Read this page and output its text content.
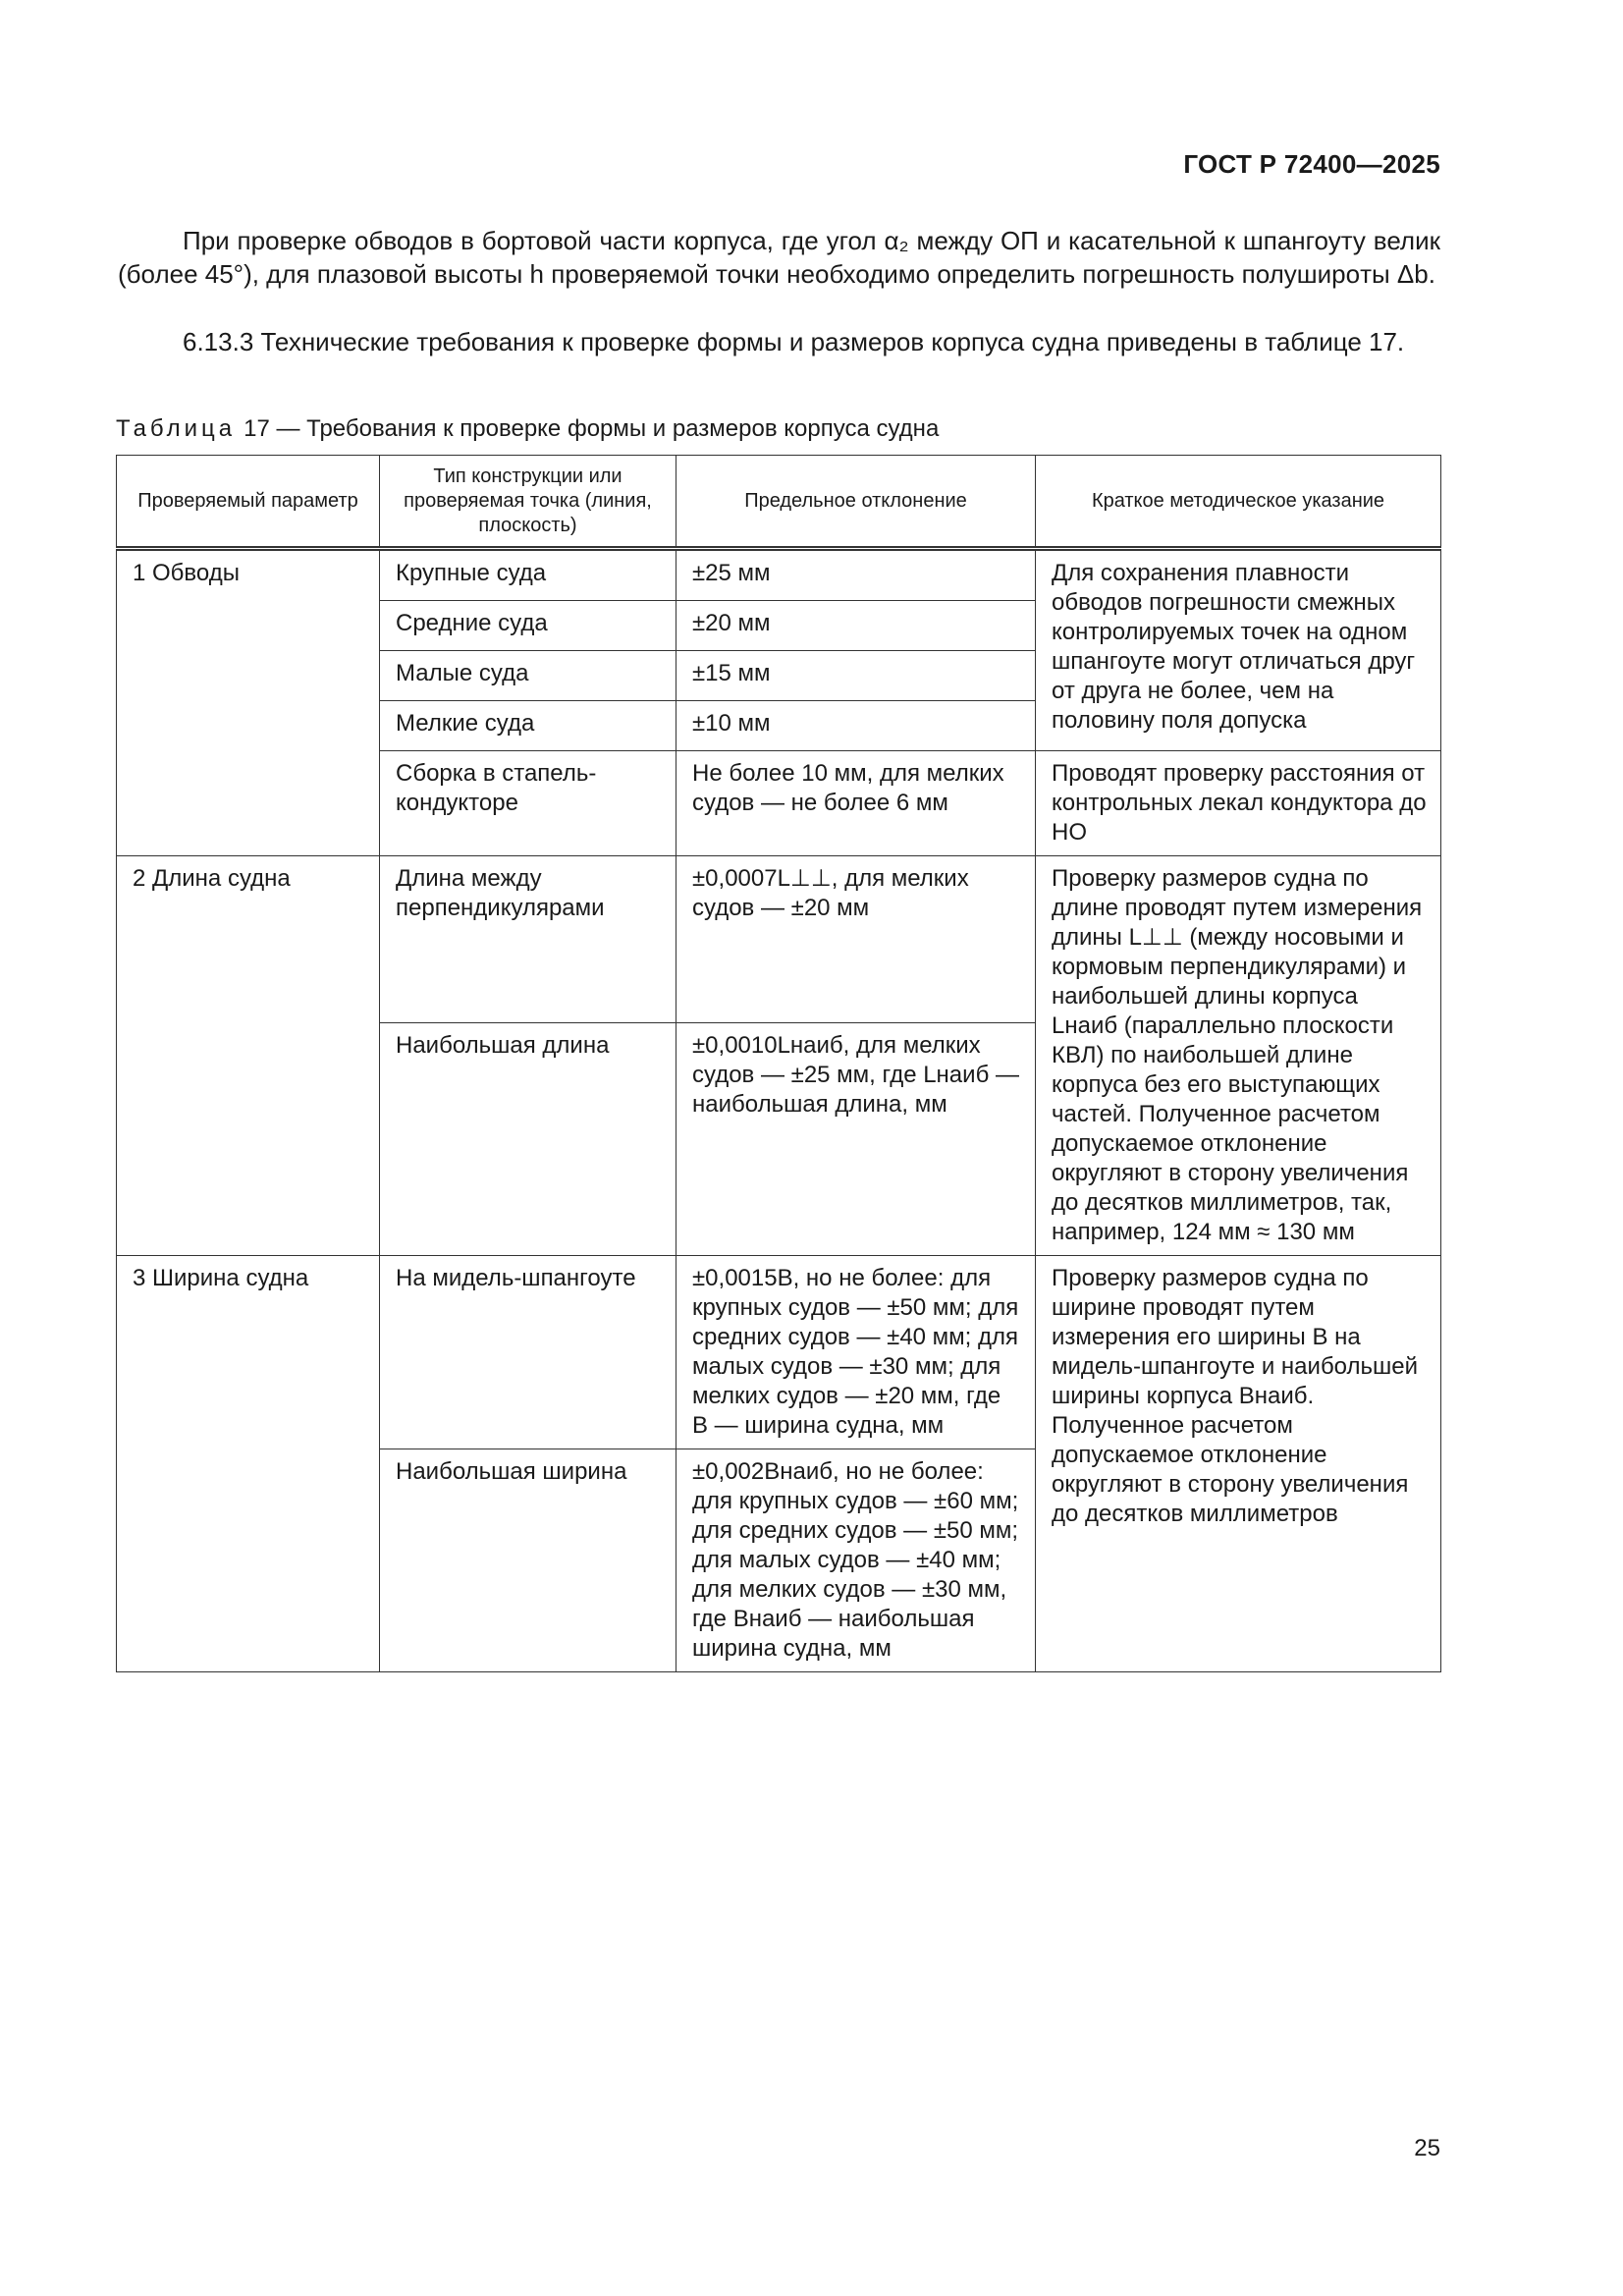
ГОСТ Р 72400—2025
При проверке обводов в бортовой части корпуса, где угол α₂ между ОП и касательной к шпангоуту велик (более 45°), для плазовой высоты h проверяемой точки необходимо определить погрешность полуширoты Δb.
6.13.3 Технические требования к проверке формы и размеров корпуса судна приведены в таблице 17.
Таблица 17 — Требования к проверке формы и размеров корпуса судна
Проверяемый параметр	Тип конструкции или проверяемая точка (линия, плоскость)	Предельное отклонение	Краткое методическое указание
1 Обводы	Крупные суда	±25 мм	Для сохранения плавности обводов погрешности смежных контролируемых точек на одном шпангоуте могут отличаться друг от друга не более, чем на половину поля допуска
	Средние суда	±20 мм	
	Малые суда	±15 мм	
	Мелкие суда	±10 мм	
	Сборка в стапель-кондукторе	Не более 10 мм, для мелких судов — не более 6 мм	Проводят проверку расстояния от контрольных лекал кондуктора до НО
2 Длина судна	Длина между перпендикулярами	±0,0007L⊥⊥, для мелких судов — ±20 мм	Проверку размеров судна по длине проводят путем измерения длины L⊥⊥ (между носовыми и кормовым перпендикулярами) и наибольшей длины корпуса Lнаиб (параллельно плоскости КВЛ) по наибольшей длине корпуса без его выступающих частей. Полученное расчетом допускаемое отклонение округляют в сторону увеличения до десятков миллиметров, так, например, 124 мм ≈ 130 мм
	Наибольшая длина	±0,0010Lнаиб, для мелких судов — ±25 мм, где Lнаиб — наибольшая длина, мм	
3 Ширина судна	На мидель-шпангоуте	±0,0015B, но не более: для крупных судов — ±50 мм; для средних судов — ±40 мм; для малых судов — ±30 мм; для мелких судов — ±20 мм, где B — ширина судна, мм	Проверку размеров судна по ширине проводят путем измерения его ширины B на мидель-шпангоуте и наибольшей ширины корпуса Bнаиб. Полученное расчетом допускаемое отклонение округляют в сторону увеличения до десятков миллиметров
	Наибольшая ширина	±0,002Bнаиб, но не более: для крупных судов — ±60 мм; для средних судов — ±50 мм; для малых судов — ±40 мм; для мелких судов — ±30 мм, где Bнаиб — наибольшая ширина судна, мм	
25
